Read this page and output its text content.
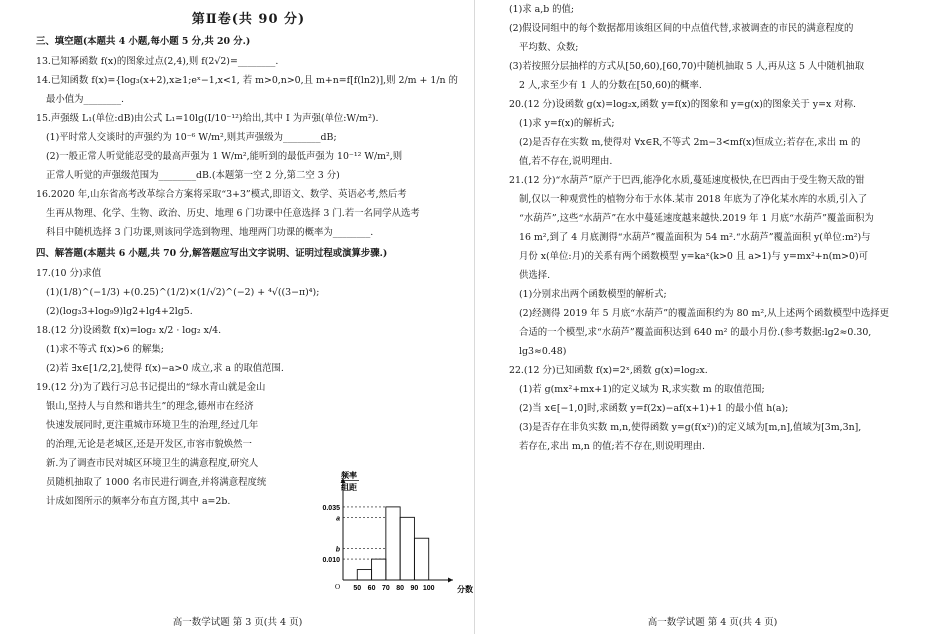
第Ⅱ卷(共 90 分)
三、填空题(本题共 4 小题,每小题 5 分,共 20 分.)

13.已知幂函数 f(x)的图象过点(2,4),则 f(2√2)=________.

14.已知函数 f(x)={log₃(x+2),x≥1;eˣ−1,x<1, 若 m>0,n>0,且 m+n=f[f(ln2)],则 2/m + 1/n 的

最小值为________.

15.声强级 L₁(单位:dB)由公式 L₁=10lg(I/10⁻¹²)给出,其中 I 为声强(单位:W/m²).

(1)平时常人交谈时的声强约为 10⁻⁶ W/m²,则其声强级为________dB;

(2)一般正常人听觉能忍受的最高声强为 1 W/m²,能听到的最低声强为 10⁻¹² W/m²,则

正常人听觉的声强级范围为________dB.(本题第一空 2 分,第二空 3 分)

16.2020 年,山东省高考改革综合方案将采取“3+3”模式,即语文、数学、英语必考,然后考

生再从物理、化学、生物、政治、历史、地理 6 门功课中任意选择 3 门.若一名同学从选考

科目中随机选择 3 门功课,则该同学选到物理、地理两门功课的概率为________.

四、解答题(本题共 6 小题,共 70 分,解答题应写出文字说明、证明过程或演算步骤.)

17.(10 分)求值

(1)(1/8)^(−1/3) +(0.25)^(1/2)×(1/√2)^(−2) + ⁴√((3−π)⁴);

(2)(log₃3+log₉9)lg2+lg4+2lg5.

18.(12 分)设函数 f(x)=log₂ x/2 · log₂ x/4.

(1)求不等式 f(x)>6 的解集;

(2)若 ∃x∈[1/2,2],使得 f(x)−a>0 成立,求 a 的取值范围.

19.(12 分)为了践行习总书记提出的“绿水青山就是金山

银山,坚持人与自然和谐共生”的理念,德州市在经济

快速发展同时,更注重城市环境卫生的治理,经过几年

的治理,无论是老城区,还是开发区,市容市貌焕然一

新.为了调查市民对城区环境卫生的满意程度,研究人

员随机抽取了 1000 名市民进行调查,并将满意程度统

计成如图所示的频率分布直方图,其中 a=2b.

高一数学试题 第 3 页(共 4 页)
频率
组距
分数
O
0.035
a
b
0.010
50 60 70 80 90 100

(1)求 a,b 的值;

(2)假设同组中的每个数据都用该组区间的中点值代替,求被调查的市民的满意程度的

平均数、众数;

(3)若按照分层抽样的方式从[50,60),[60,70)中随机抽取 5 人,再从这 5 人中随机抽取

2 人,求至少有 1 人的分数在[50,60)的概率.

20.(12 分)设函数 g(x)=log₂x,函数 y=f(x)的图象和 y=g(x)的图象关于 y=x 对称.

(1)求 y=f(x)的解析式;

(2)是否存在实数 m,使得对 ∀x∈R,不等式 2m−3<mf(x)恒成立;若存在,求出 m 的

值,若不存在,说明理由.

21.(12 分)“水葫芦”原产于巴西,能净化水质,蔓延速度极快,在巴西由于受生物天敌的钳

制,仅以一种观赏性的植物分布于水体.某市 2018 年底为了净化某水库的水质,引入了

“水葫芦”,这些“水葫芦”在水中蔓延速度越来越快.2019 年 1 月底“水葫芦”覆盖面积为

16 m²,到了 4 月底测得“水葫芦”覆盖面积为 54 m².“水葫芦”覆盖面积 y(单位:m²)与

月份 x(单位:月)的关系有两个函数模型 y=kaˣ(k>0 且 a>1)与 y=mx²+n(m>0)可

供选择.

(1)分别求出两个函数模型的解析式;

(2)经测得 2019 年 5 月底“水葫芦”的覆盖面积约为 80 m²,从上述两个函数模型中选择更

合适的一个模型,求“水葫芦”覆盖面积达到 640 m² 的最小月份.(参考数据:lg2≈0.30,

lg3≈0.48)

22.(12 分)已知函数 f(x)=2ˣ,函数 g(x)=log₂x.

(1)若 g(mx²+mx+1)的定义域为 R,求实数 m 的取值范围;

(2)当 x∈[−1,0]时,求函数 y=f(2x)−af(x+1)+1 的最小值 h(a);

(3)是否存在非负实数 m,n,使得函数 y=g(f(x²))的定义域为[m,n],值域为[3m,3n],

若存在,求出 m,n 的值;若不存在,则说明理由.

高一数学试题 第 4 页(共 4 页)
